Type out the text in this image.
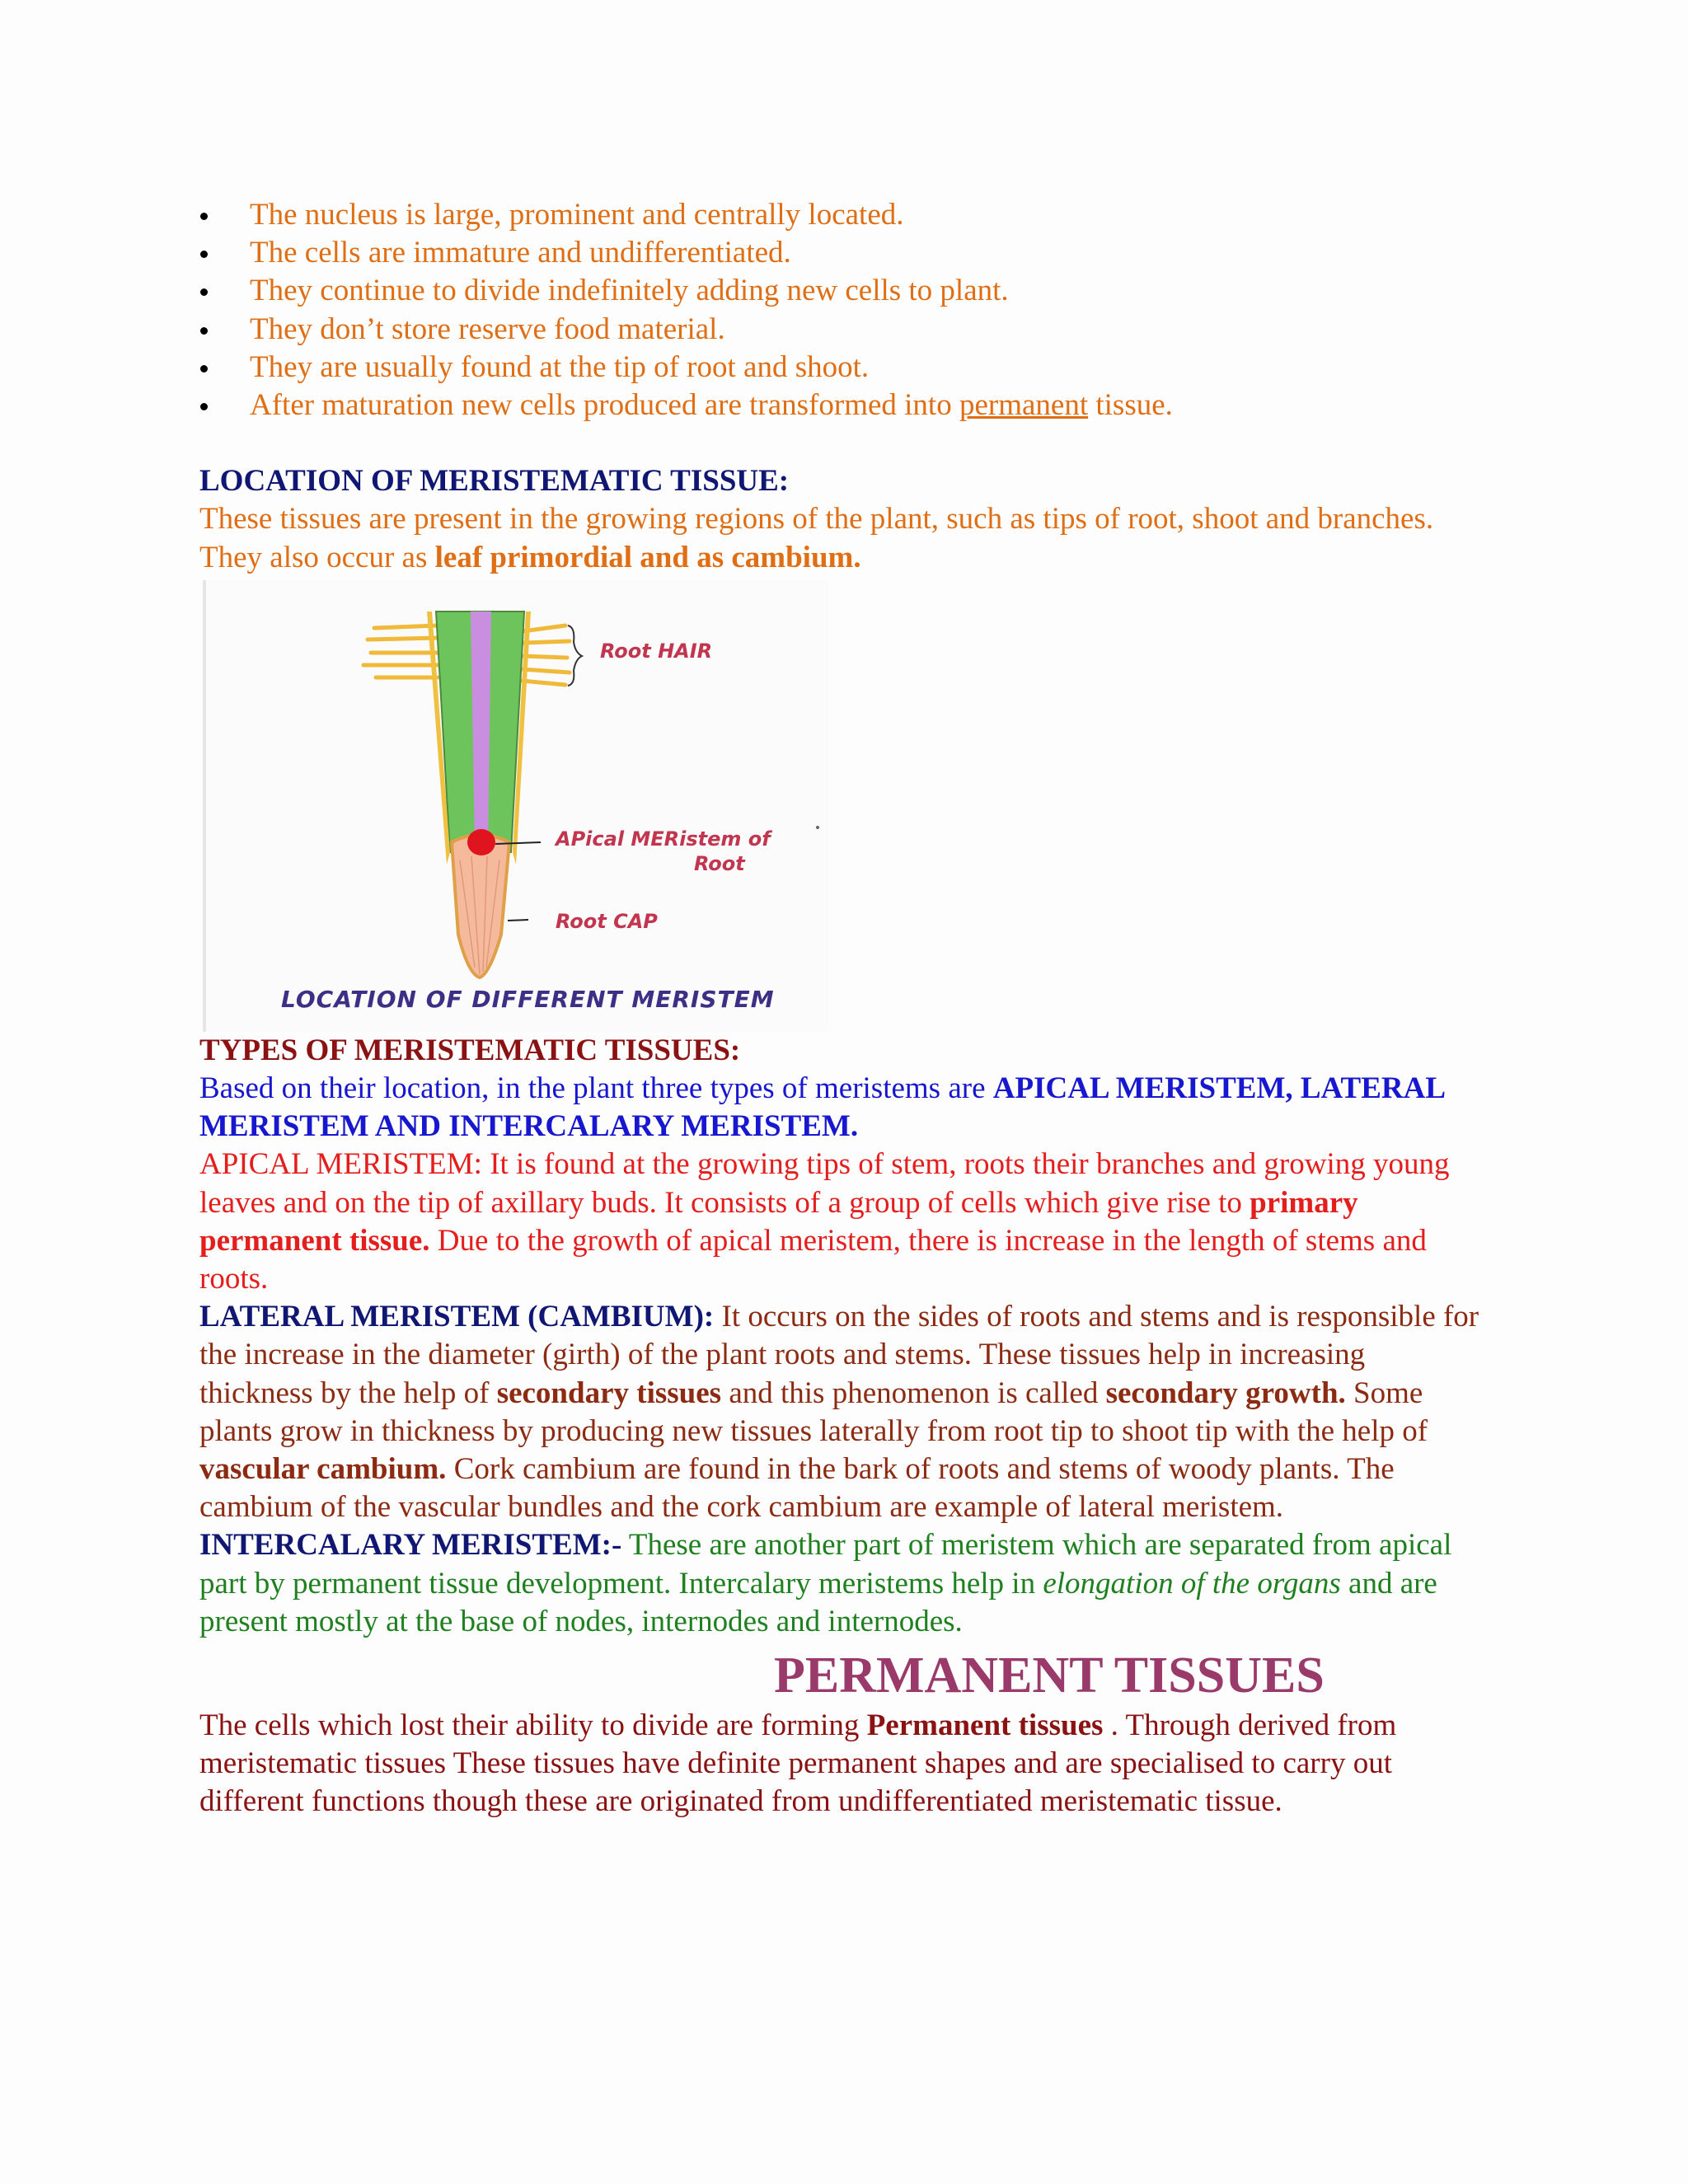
The nucleus is large, prominent and centrally located.
The cells are immature and undifferentiated.
They continue to divide indefinitely adding new cells to plant.
They don’t store reserve food material.
They are usually found at the tip of root and shoot.
After maturation new cells produced are transformed into permanent tissue.

LOCATION OF MERISTEMATIC TISSUE:

These tissues are present in the growing regions of the plant, such as tips of root, shoot and branches. They also occur as leaf primordial and as cambium.

Root HAIR
APical MERistem of
Root
Root CAP
LOCATION OF DIFFERENT MERISTEM

TYPES OF MERISTEMATIC TISSUES:

Based on their location, in the plant three types of meristems are APICAL MERISTEM, LATERAL MERISTEM AND INTERCALARY MERISTEM.

APICAL MERISTEM: It is found at the growing tips of stem, roots their branches and growing young leaves and on the tip of axillary buds. It consists of a group of cells which give rise to primary permanent tissue. Due to the growth of apical meristem, there is increase in the length of stems and roots.

LATERAL MERISTEM (CAMBIUM): It occurs on the sides of roots and stems and is responsible for the increase in the diameter (girth) of the plant roots and stems. These tissues help in increasing thickness by the help of secondary tissues and this phenomenon is called secondary growth. Some plants grow in thickness by producing new tissues laterally from root tip to shoot tip with the help of vascular cambium. Cork cambium are found in the bark of roots and stems of woody plants. The cambium of the vascular bundles and the cork cambium are example of lateral meristem.

INTERCALARY MERISTEM:- These are another part of meristem which are separated from apical part by permanent tissue development. Intercalary meristems help in elongation of the organs and are present mostly at the base of nodes, internodes and internodes.

PERMANENT TISSUES

The cells which lost their ability to divide are forming Permanent tissues . Through derived from meristematic tissues These tissues have definite permanent shapes and are specialised to carry out different functions though these are originated from undifferentiated meristematic tissue.
